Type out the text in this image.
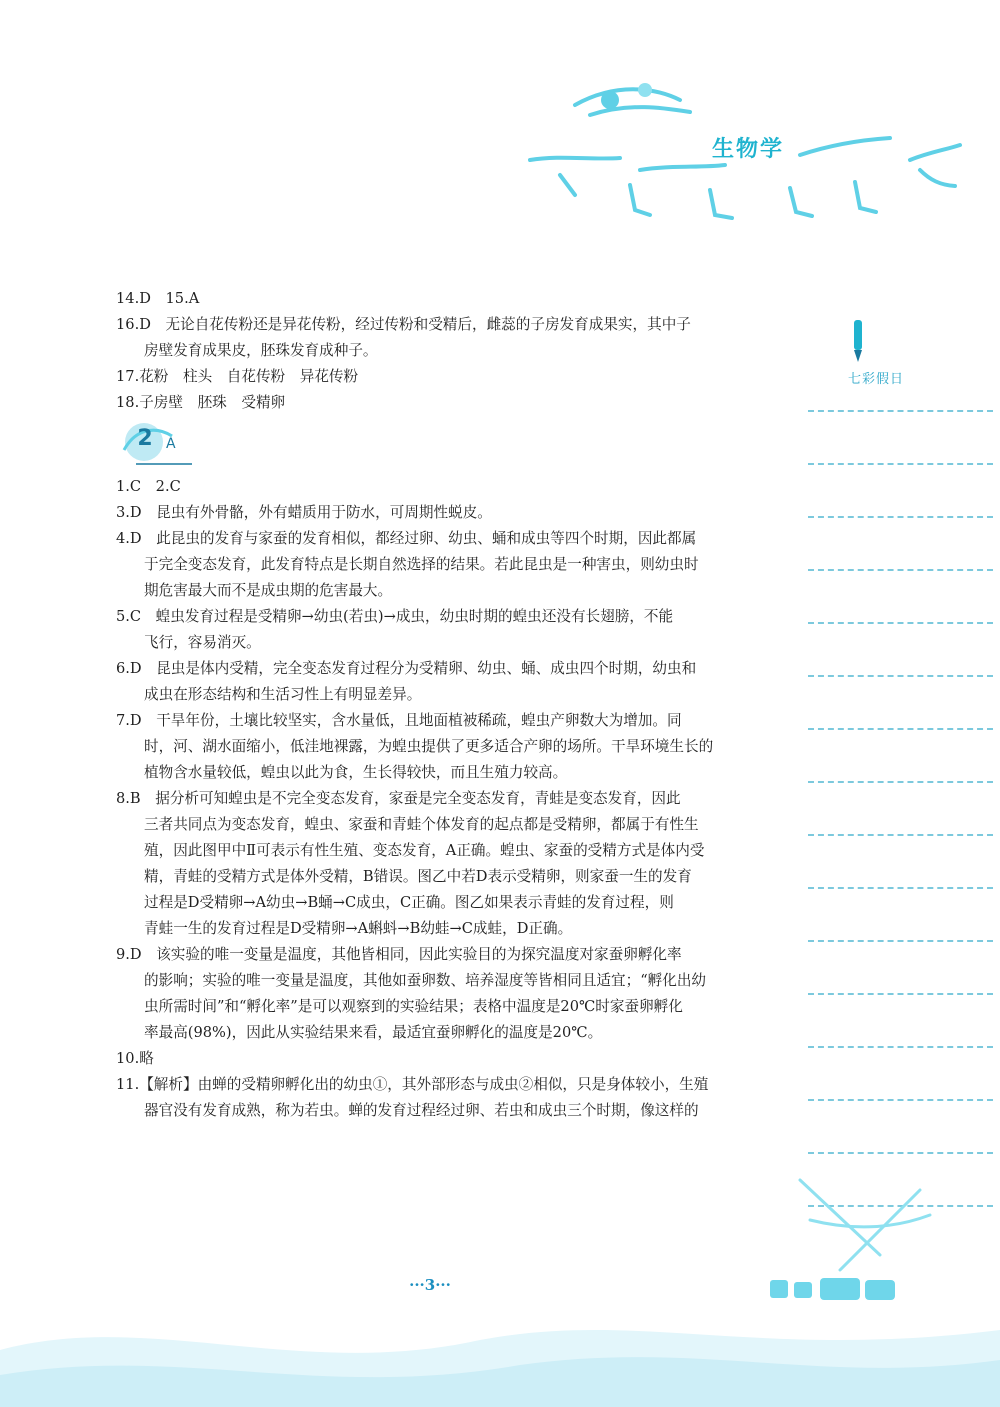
生物学
七彩假日
14.D　15.A
16.D　无论自花传粉还是异花传粉，经过传粉和受精后，雌蕊的子房发育成果实，其中子
房壁发育成果皮，胚珠发育成种子。
17.花粉　柱头　自花传粉　异花传粉
18.子房壁　胚珠　受精卵
2 A
1.C　2.C
3.D　昆虫有外骨骼，外有蜡质用于防水，可周期性蜕皮。
4.D　此昆虫的发育与家蚕的发育相似，都经过卵、幼虫、蛹和成虫等四个时期，因此都属
于完全变态发育，此发育特点是长期自然选择的结果。若此昆虫是一种害虫，则幼虫时
期危害最大而不是成虫期的危害最大。
5.C　蝗虫发育过程是受精卵→幼虫(若虫)→成虫，幼虫时期的蝗虫还没有长翅膀，不能
飞行，容易消灭。
6.D　昆虫是体内受精，完全变态发育过程分为受精卵、幼虫、蛹、成虫四个时期，幼虫和
成虫在形态结构和生活习性上有明显差异。
7.D　干旱年份，土壤比较坚实，含水量低，且地面植被稀疏，蝗虫产卵数大为增加。同
时，河、湖水面缩小，低洼地裸露，为蝗虫提供了更多适合产卵的场所。干旱环境生长的
植物含水量较低，蝗虫以此为食，生长得较快，而且生殖力较高。
8.B　据分析可知蝗虫是不完全变态发育，家蚕是完全变态发育，青蛙是变态发育，因此
三者共同点为变态发育，蝗虫、家蚕和青蛙个体发育的起点都是受精卵，都属于有性生
殖，因此图甲中Ⅱ可表示有性生殖、变态发育，A正确。蝗虫、家蚕的受精方式是体内受
精，青蛙的受精方式是体外受精，B错误。图乙中若D表示受精卵，则家蚕一生的发育
过程是D受精卵→A幼虫→B蛹→C成虫，C正确。图乙如果表示青蛙的发育过程，则
青蛙一生的发育过程是D受精卵→A蝌蚪→B幼蛙→C成蛙，D正确。
9.D　该实验的唯一变量是温度，其他皆相同，因此实验目的为探究温度对家蚕卵孵化率
的影响；实验的唯一变量是温度，其他如蚕卵数、培养湿度等皆相同且适宜；“孵化出幼
虫所需时间”和“孵化率”是可以观察到的实验结果；表格中温度是20℃时家蚕卵孵化
率最高(98%)，因此从实验结果来看，最适宜蚕卵孵化的温度是20℃。
10.略
11.【解析】由蝉的受精卵孵化出的幼虫①，其外部形态与成虫②相似，只是身体较小，生殖
器官没有发育成熟，称为若虫。蝉的发育过程经过卵、若虫和成虫三个时期，像这样的
···3···
